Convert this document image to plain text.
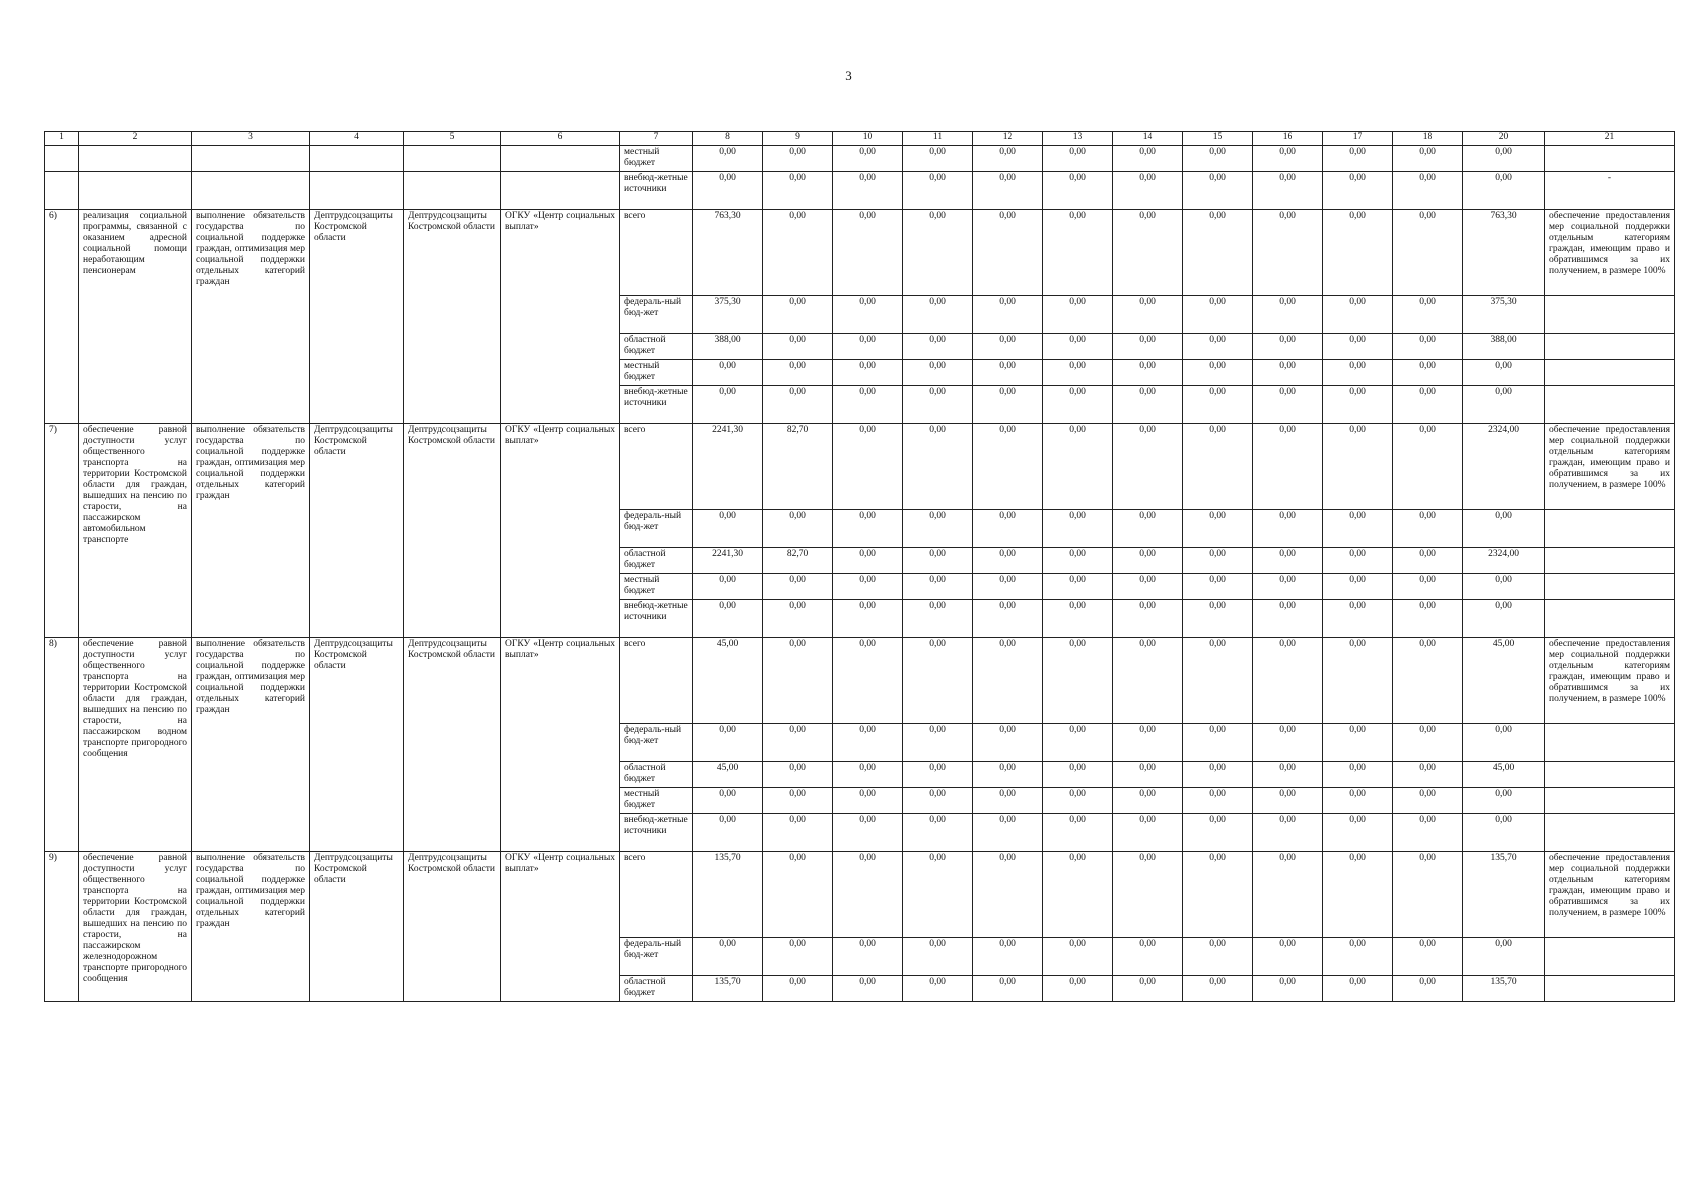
3
1	2	3	4	5	6	7	8	9	10	11	12	13	14	15	16	17	18	20	21
						местный бюджет	0,00	0,00	0,00	0,00	0,00	0,00	0,00	0,00	0,00	0,00	0,00	0,00	
						внебюд-жетные источники	0,00	0,00	0,00	0,00	0,00	0,00	0,00	0,00	0,00	0,00	0,00	0,00	-
6)	реализация социальной программы, связанной с оказанием адресной социальной помощи неработающим пенсионерам	выполнение обязательств государства по социальной поддержке граждан, оптимизация мер социальной поддержки отдельных категорий граждан	Дептрудсоцзащиты Костромской области	Дептрудсоцзащиты Костромской области	ОГКУ «Центр социальных выплат»	всего	763,30	0,00	0,00	0,00	0,00	0,00	0,00	0,00	0,00	0,00	0,00	763,30	обеспечение предоставления мер социальной поддержки отдельным категориям граждан, имеющим право и обратившимся за их получением, в размере 100%
						федераль-ный бюд-жет	375,30	0,00	0,00	0,00	0,00	0,00	0,00	0,00	0,00	0,00	0,00	375,30	
						областной бюджет	388,00	0,00	0,00	0,00	0,00	0,00	0,00	0,00	0,00	0,00	0,00	388,00	
						местный бюджет	0,00	0,00	0,00	0,00	0,00	0,00	0,00	0,00	0,00	0,00	0,00	0,00	
						внебюд-жетные источники	0,00	0,00	0,00	0,00	0,00	0,00	0,00	0,00	0,00	0,00	0,00	0,00	
7)	обеспечение равной доступности услуг общественного транспорта на территории Костромской области для граждан, вышедших на пенсию по старости, на пассажирском автомобильном транспорте	выполнение обязательств государства по социальной поддержке граждан, оптимизация мер социальной поддержки отдельных категорий граждан	Дептрудсоцзащиты Костромской области	Дептрудсоцзащиты Костромской области	ОГКУ «Центр социальных выплат»	всего	2241,30	82,70	0,00	0,00	0,00	0,00	0,00	0,00	0,00	0,00	0,00	2324,00	обеспечение предоставления мер социальной поддержки отдельным категориям граждан, имеющим право и обратившимся за их получением, в размере 100%
						федераль-ный бюд-жет	0,00	0,00	0,00	0,00	0,00	0,00	0,00	0,00	0,00	0,00	0,00	0,00	
						областной бюджет	2241,30	82,70	0,00	0,00	0,00	0,00	0,00	0,00	0,00	0,00	0,00	2324,00	
						местный бюджет	0,00	0,00	0,00	0,00	0,00	0,00	0,00	0,00	0,00	0,00	0,00	0,00	
						внебюд-жетные источники	0,00	0,00	0,00	0,00	0,00	0,00	0,00	0,00	0,00	0,00	0,00	0,00	
8)	обеспечение равной доступности услуг общественного транспорта на территории Костромской области для граждан, вышедших на пенсию по старости, на пассажирском водном транспорте пригородного сообщения	выполнение обязательств государства по социальной поддержке граждан, оптимизация мер социальной поддержки отдельных категорий граждан	Дептрудсоцзащиты Костромской области	Дептрудсоцзащиты Костромской области	ОГКУ «Центр социальных выплат»	всего	45,00	0,00	0,00	0,00	0,00	0,00	0,00	0,00	0,00	0,00	0,00	45,00	обеспечение предоставления мер социальной поддержки отдельным категориям граждан, имеющим право и обратившимся за их получением, в размере 100%
						федераль-ный бюд-жет	0,00	0,00	0,00	0,00	0,00	0,00	0,00	0,00	0,00	0,00	0,00	0,00	
						областной бюджет	45,00	0,00	0,00	0,00	0,00	0,00	0,00	0,00	0,00	0,00	0,00	45,00	
						местный бюджет	0,00	0,00	0,00	0,00	0,00	0,00	0,00	0,00	0,00	0,00	0,00	0,00	
						внебюд-жетные источники	0,00	0,00	0,00	0,00	0,00	0,00	0,00	0,00	0,00	0,00	0,00	0,00	
9)	обеспечение равной доступности услуг общественного транспорта на территории Костромской области для граждан, вышедших на пенсию по старости, на пассажирском железнодорожном транспорте пригородного сообщения	выполнение обязательств государства по социальной поддержке граждан, оптимизация мер социальной поддержки отдельных категорий граждан	Дептрудсоцзащиты Костромской области	Дептрудсоцзащиты Костромской области	ОГКУ «Центр социальных выплат»	всего	135,70	0,00	0,00	0,00	0,00	0,00	0,00	0,00	0,00	0,00	0,00	135,70	обеспечение предоставления мер социальной поддержки отдельным категориям граждан, имеющим право и обратившимся за их получением, в размере 100%
						федераль-ный бюд-жет	0,00	0,00	0,00	0,00	0,00	0,00	0,00	0,00	0,00	0,00	0,00	0,00	
						областной бюджет	135,70	0,00	0,00	0,00	0,00	0,00	0,00	0,00	0,00	0,00	0,00	135,70	
